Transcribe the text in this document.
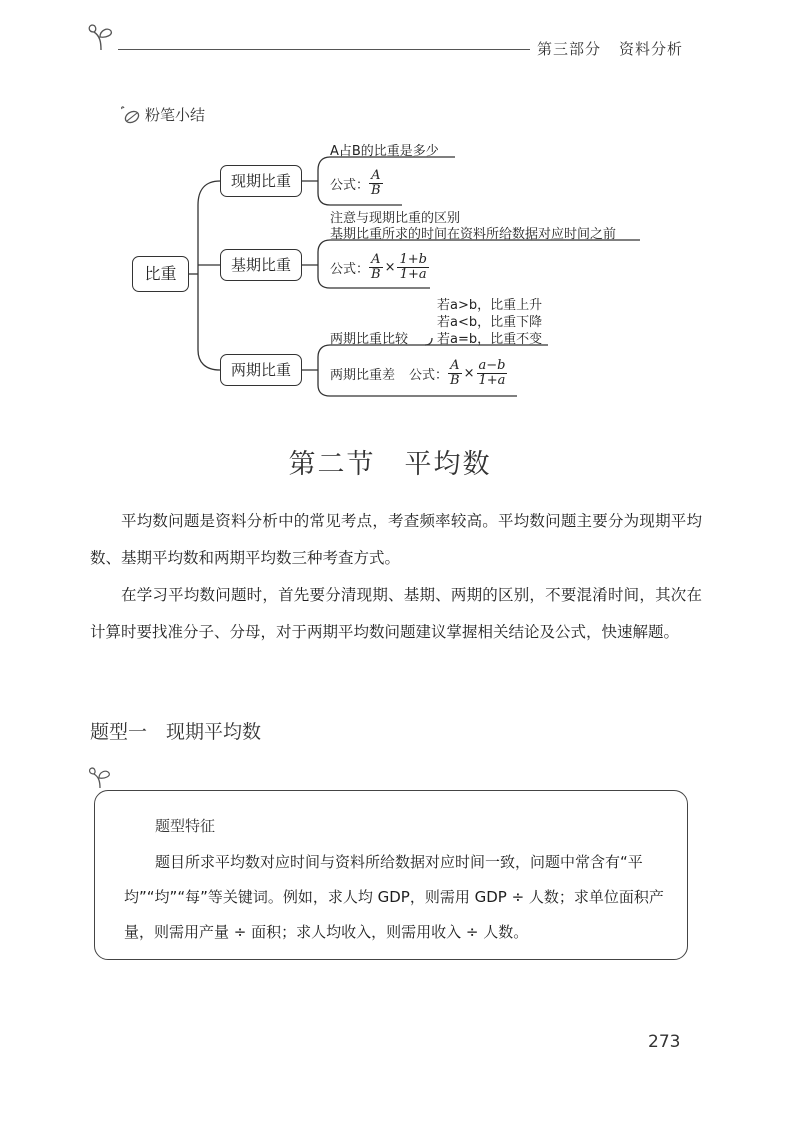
第三部分 资料分析
粉笔小结
比重
现期比重
A占B的比重是多少
公式： $\frac{A}{B}$
基期比重
注意与现期比重的区别
基期比重所求的时间在资料所给数据对应时间之前
公式： $\frac{A}{B} \times \frac{1+b}{1+a}$
两期比重
若a>b，比重上升
若a<b，比重下降
若a=b，比重不变
两期比重比较
两期比重差 公式： $\frac{A}{B} \times \frac{a-b}{1+a}$
第二节　平均数
平均数问题是资料分析中的常见考点，考查频率较高。平均数问题主要分为现期平均数、基期平均数和两期平均数三种考查方式。
在学习平均数问题时，首先要分清现期、基期、两期的区别，不要混淆时间，其次在计算时要找准分子、分母，对于两期平均数问题建议掌握相关结论及公式，快速解题。
题型一　现期平均数
题型特征
题目所求平均数对应时间与资料所给数据对应时间一致，问题中常含有“平均”“均”“每”等关键词。例如，求人均 GDP，则需用 GDP ÷ 人数；求单位面积产量，则需用产量 ÷ 面积；求人均收入，则需用收入 ÷ 人数。
273
